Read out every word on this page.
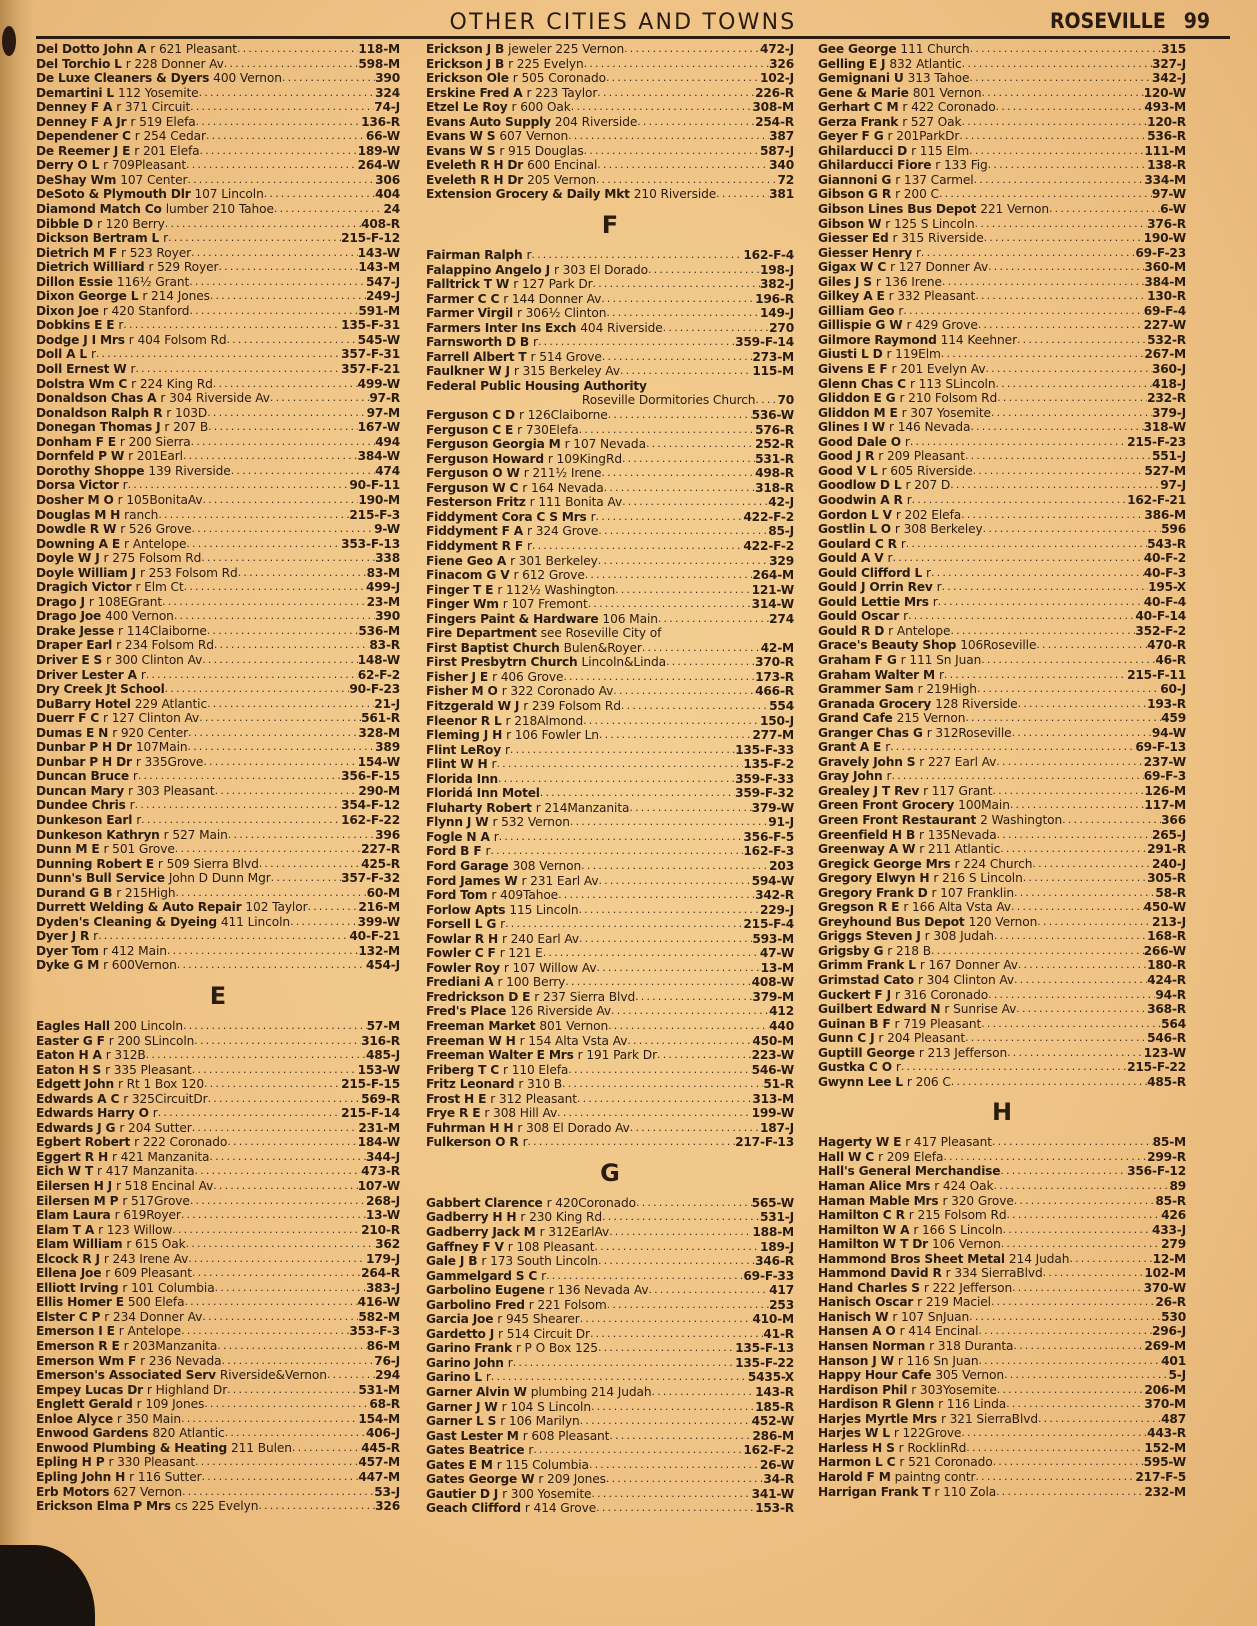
OTHER CITIES AND TOWNS	ROSEVILLE 99
Del Dotto John A r 621 Pleasant .....	118-M
Del Torchio L r 228 Donner Av .....	598-M
De Luxe Cleaners & Dyers 400 Vernon .....	390
Demartini L 112 Yosemite .....	324
Denney F A r 371 Circuit .....	74-J
Denney F A Jr r 519 Elefa .....	136-R
Dependener C r 254 Cedar .....	66-W
De Reemer J E r 201 Elefa .....	189-W
Derry O L r 709Pleasant .....	264-W
DeShay Wm 107 Center .....	306
DeSoto & Plymouth Dlr 107 Lincoln .....	404
Diamond Match Co lumber 210 Tahoe .....	24
Dibble D r 120 Berry .....	408-R
Dickson Bertram L r .....	215-F-12
Dietrich M F r 523 Royer .....	143-W
Dietrich Williard r 529 Royer .....	143-M
Dillon Essie 116½ Grant .....	547-J
Dixon George L r 214 Jones .....	249-J
Dixon Joe r 420 Stanford .....	591-M
Dobkins E E r .....	135-F-31
Dodge J I Mrs r 404 Folsom Rd .....	545-W
Doll A L r .....	357-F-31
Doll Ernest W r .....	357-F-21
Dolstra Wm C r 224 King Rd .....	499-W
Donaldson Chas A r 304 Riverside Av .....	97-R
Donaldson Ralph R r 103D .....	97-M
Donegan Thomas J r 207 B .....	167-W
Donham F E r 200 Sierra .....	494
Dornfeld P W r 201Earl .....	384-W
Dorothy Shoppe 139 Riverside .....	474
Dorsa Victor r .....	90-F-11
Dosher M O r 105BonitaAv .....	190-M
Douglas M H ranch .....	215-F-3
Dowdle R W r 526 Grove .....	9-W
Downing A E r Antelope .....	353-F-13
Doyle W J r 275 Folsom Rd .....	338
Doyle William J r 253 Folsom Rd .....	83-M
Dragich Victor r Elm Ct .....	499-J
Drago J r 108EGrant .....	23-M
Drago Joe 400 Vernon .....	390
Drake Jesse r 114Claiborne .....	536-M
Draper Earl r 234 Folsom Rd .....	83-R
Driver E S r 300 Clinton Av .....	148-W
Driver Lester A r .....	62-F-2
Dry Creek Jt School .....	90-F-23
DuBarry Hotel 229 Atlantic .....	21-J
Duerr F C r 127 Clinton Av .....	561-R
Dumas E N r 920 Center .....	328-M
Dunbar P H Dr 107Main .....	389
Dunbar P H Dr r 335Grove .....	154-W
Duncan Bruce r .....	356-F-15
Duncan Mary r 303 Pleasant .....	290-M
Dundee Chris r .....	354-F-12
Dunkeson Earl r .....	162-F-22
Dunkeson Kathryn r 527 Main .....	396
Dunn M E r 501 Grove .....	227-R
Dunning Robert E r 509 Sierra Blvd .....	425-R
Dunn's Bull Service John D Dunn Mgr .....	357-F-32
Durand G B r 215High .....	60-M
Durrett Welding & Auto Repair 102 Taylor .....	216-M
Dyden's Cleaning & Dyeing 411 Lincoln .....	399-W
Dyer J R r .....	40-F-21
Dyer Tom r 412 Main .....	132-M
Dyke G M r 600Vernon .....	454-J
E
Eagles Hall 200 Lincoln .....	57-M
Easter G F r 200 SLincoln .....	316-R
Eaton H A r 312B .....	485-J
Eaton H S r 335 Pleasant .....	153-W
Edgett John r Rt 1 Box 120 .....	215-F-15
Edwards A C r 325CircuitDr .....	569-R
Edwards Harry O r .....	215-F-14
Edwards J G r 204 Sutter .....	231-M
Egbert Robert r 222 Coronado .....	184-W
Eggert R H r 421 Manzanita .....	344-J
Eich W T r 417 Manzanita .....	473-R
Eilersen H J r 518 Encinal Av .....	107-W
Eilersen M P r 517Grove .....	268-J
Elam Laura r 619Royer .....	13-W
Elam T A r 123 Willow .....	210-R
Elam William r 615 Oak .....	362
Elcock R J r 243 Irene Av .....	179-J
Ellena Joe r 609 Pleasant .....	264-R
Elliott Irving r 101 Columbia .....	383-J
Ellis Homer E 500 Elefa .....	416-W
Elster C P r 234 Donner Av .....	582-M
Emerson I E r Antelope .....	353-F-3
Emerson R E r 203Manzanita .....	86-M
Emerson Wm F r 236 Nevada .....	76-J
Emerson's Associated Serv Riverside&Vernon .....	294
Empey Lucas Dr r Highland Dr .....	531-M
Englett Gerald r 109 Jones .....	68-R
Enloe Alyce r 350 Main .....	154-M
Enwood Gardens 820 Atlantic .....	406-J
Enwood Plumbing & Heating 211 Bulen .....	445-R
Epling H P r 330 Pleasant .....	457-M
Epling John H r 116 Sutter .....	447-M
Erb Motors 627 Vernon .....	53-J
Erickson Elma P Mrs cs 225 Evelyn .....	326
Erickson J B jeweler 225 Vernon .....	472-J
Erickson J B r 225 Evelyn .....	326
Erickson Ole r 505 Coronado .....	102-J
Erskine Fred A r 223 Taylor .....	226-R
Etzel Le Roy r 600 Oak .....	308-M
Evans Auto Supply 204 Riverside .....	254-R
Evans W S 607 Vernon .....	387
Evans W S r 915 Douglas .....	587-J
Eveleth R H Dr 600 Encinal .....	340
Eveleth R H Dr 205 Vernon .....	72
Extension Grocery & Daily Mkt 210 Riverside .....	381
F
Fairman Ralph r .....	162-F-4
Falappino Angelo J r 303 El Dorado .....	198-J
Falltrick T W r 127 Park Dr .....	382-J
Farmer C C r 144 Donner Av .....	196-R
Farmer Virgil r 306½ Clinton .....	149-J
Farmers Inter Ins Exch 404 Riverside .....	270
Farnsworth D B r .....	359-F-14
Farrell Albert T r 514 Grove .....	273-M
Faulkner W J r 315 Berkeley Av .....	115-M
Federal Public Housing Authority
Roseville Dormitories Church ..... 70
Ferguson C D r 126Claiborne .....	536-W
Ferguson C E r 730Elefa .....	576-R
Ferguson Georgia M r 107 Nevada .....	252-R
Ferguson Howard r 109KingRd .....	531-R
Ferguson O W r 211½ Irene .....	498-R
Ferguson W C r 164 Nevada .....	318-R
Festerson Fritz r 111 Bonita Av .....	42-J
Fiddyment Cora C S Mrs r .....	422-F-2
Fiddyment F A r 324 Grove .....	85-J
Fiddyment R F r .....	422-F-2
Fiene Geo A r 301 Berkeley .....	329
Finacom G V r 612 Grove .....	264-M
Finger T E r 112½ Washington .....	121-W
Finger Wm r 107 Fremont .....	314-W
Fingers Paint & Hardware 106 Main .....	274
Fire Department see Roseville City of
First Baptist Church Bulen&Royer .....	42-M
First Presbytrn Church Lincoln&Linda .....	370-R
Fisher J E r 406 Grove .....	173-R
Fisher M O r 322 Coronado Av .....	466-R
Fitzgerald W J r 239 Folsom Rd .....	554
Fleenor R L r 218Almond .....	150-J
Fleming J H r 106 Fowler Ln .....	277-M
Flint LeRoy r .....	135-F-33
Flint W H r .....	135-F-2
Florida Inn .....	359-F-33
Floridá Inn Motel .....	359-F-32
Fluharty Robert r 214Manzanita .....	379-W
Flynn J W r 532 Vernon .....	91-J
Fogle N A r .....	356-F-5
Ford B F r .....	162-F-3
Ford Garage 308 Vernon .....	203
Ford James W r 231 Earl Av .....	594-W
Ford Tom r 409Tahoe .....	342-R
Forlow Apts 115 Lincoln .....	229-J
Forsell L G r .....	215-F-4
Fowlar R H r 240 Earl Av .....	593-M
Fowler C F r 121 E .....	47-W
Fowler Roy r 107 Willow Av .....	13-M
Frediani A r 100 Berry .....	408-W
Fredrickson D E r 237 Sierra Blvd .....	379-M
Fred's Place 126 Riverside Av .....	412
Freeman Market 801 Vernon .....	440
Freeman W H r 154 Alta Vsta Av .....	450-M
Freeman Walter E Mrs r 191 Park Dr .....	223-W
Friberg T C r 110 Elefa .....	546-W
Fritz Leonard r 310 B .....	51-R
Frost H E r 312 Pleasant .....	313-M
Frye R E r 308 Hill Av .....	199-W
Fuhrman H H r 308 El Dorado Av .....	187-J
Fulkerson O R r .....	217-F-13
G
Gabbert Clarence r 420Coronado .....	565-W
Gadberry H H r 230 King Rd .....	531-J
Gadberry Jack M r 312EarlAv .....	188-M
Gaffney F V r 108 Pleasant .....	189-J
Gale J B r 173 South Lincoln .....	346-R
Gammelgard S C r .....	69-F-33
Garbolino Eugene r 136 Nevada Av .....	417
Garbolino Fred r 221 Folsom .....	253
Garcia Joe r 945 Shearer .....	410-M
Gardetto J r 514 Circuit Dr .....	41-R
Garino Frank r P O Box 125 .....	135-F-13
Garino John r .....	135-F-22
Garino L r .....	5435-X
Garner Alvin W plumbing 214 Judah .....	143-R
Garner J W r 104 S Lincoln .....	185-R
Garner L S r 106 Marilyn .....	452-W
Gast Lester M r 608 Pleasant .....	286-M
Gates Beatrice r .....	162-F-2
Gates E M r 115 Columbia .....	26-W
Gates George W r 209 Jones .....	34-R
Gautier D J r 300 Yosemite .....	341-W
Geach Clifford r 414 Grove .....	153-R
Gee George 111 Church .....	315
Gelling E J 832 Atlantic .....	327-J
Gemignani U 313 Tahoe .....	342-J
Gene & Marie 801 Vernon .....	120-W
Gerhart C M r 422 Coronado .....	493-M
Gerza Frank r 527 Oak .....	120-R
Geyer F G r 201ParkDr .....	536-R
Ghilarducci D r 115 Elm .....	111-M
Ghilarducci Fiore r 133 Fig .....	138-R
Giannoni G r 137 Carmel .....	334-M
Gibson G R r 200 C .....	97-W
Gibson Lines Bus Depot 221 Vernon .....	6-W
Gibson W r 125 S Lincoln .....	376-R
Giesser Ed r 315 Riverside .....	190-W
Giesser Henry r .....	69-F-23
Gigax W C r 127 Donner Av .....	360-M
Giles J S r 136 Irene .....	384-M
Gilkey A E r 332 Pleasant .....	130-R
Gilliam Geo r .....	69-F-4
Gillispie G W r 429 Grove .....	227-W
Gilmore Raymond 114 Keehner .....	532-R
Giusti L D r 119Elm .....	267-M
Givens E F r 201 Evelyn Av .....	360-J
Glenn Chas C r 113 SLincoln .....	418-J
Gliddon E G r 210 Folsom Rd .....	232-R
Gliddon M E r 307 Yosemite .....	379-J
Glines I W r 146 Nevada .....	318-W
Good Dale O r .....	215-F-23
Good J R r 209 Pleasant .....	551-J
Good V L r 605 Riverside .....	527-M
Goodlow D L r 207 D .....	97-J
Goodwin A R r .....	162-F-21
Gordon L V r 202 Elefa .....	386-M
Gostlin L O r 308 Berkeley .....	596
Goulard C R r .....	543-R
Gould A V r .....	40-F-2
Gould Clifford L r .....	40-F-3
Gould J Orrin Rev r .....	195-X
Gould Lettie Mrs r .....	40-F-4
Gould Oscar r .....	40-F-14
Gould R D r Antelope .....	352-F-2
Grace's Beauty Shop 106Roseville .....	470-R
Graham F G r 111 Sn Juan .....	46-R
Graham Walter M r .....	215-F-11
Grammer Sam r 219High .....	60-J
Granada Grocery 128 Riverside .....	193-R
Grand Cafe 215 Vernon .....	459
Granger Chas G r 312Roseville .....	94-W
Grant A E r .....	69-F-13
Gravely John S r 227 Earl Av .....	237-W
Gray John r .....	69-F-3
Grealey J T Rev r 117 Grant .....	126-M
Green Front Grocery 100Main .....	117-M
Green Front Restaurant 2 Washington .....	366
Greenfield H B r 135Nevada .....	265-J
Greenway A W r 211 Atlantic .....	291-R
Gregick George Mrs r 224 Church .....	240-J
Gregory Elwyn H r 216 S Lincoln .....	305-R
Gregory Frank D r 107 Franklin .....	58-R
Gregson R E r 166 Alta Vsta Av .....	450-W
Greyhound Bus Depot 120 Vernon .....	213-J
Griggs Steven J r 308 Judah .....	168-R
Grigsby G r 218 B .....	266-W
Grimm Frank L r 167 Donner Av .....	180-R
Grimstad Cato r 304 Clinton Av .....	424-R
Guckert F J r 316 Coronado .....	94-R
Guilbert Edward N r Sunrise Av .....	368-R
Guinan B F r 719 Pleasant .....	564
Gunn C J r 204 Pleasant .....	546-R
Guptill George r 213 Jefferson .....	123-W
Gustka C O r .....	215-F-22
Gwynn Lee L r 206 C .....	485-R
H
Hagerty W E r 417 Pleasant .....	85-M
Hall W C r 209 Elefa .....	299-R
Hall's General Merchandise .....	356-F-12
Haman Alice Mrs r 424 Oak .....	89
Haman Mable Mrs r 320 Grove .....	85-R
Hamilton C R r 215 Folsom Rd .....	426
Hamilton W A r 166 S Lincoln .....	433-J
Hamilton W T Dr 106 Vernon .....	279
Hammond Bros Sheet Metal 214 Judah .....	12-M
Hammond David R r 334 SierraBlvd .....	102-M
Hand Charles S r 222 Jefferson .....	370-W
Hanisch Oscar r 219 Maciel .....	26-R
Hanisch W r 107 SnJuan .....	530
Hansen A O r 414 Encinal .....	296-J
Hansen Norman r 318 Duranta .....	269-M
Hanson J W r 116 Sn Juan .....	401
Happy Hour Cafe 305 Vernon .....	5-J
Hardison Phil r 303Yosemite .....	206-M
Hardison R Glenn r 116 Linda .....	370-M
Harjes Myrtle Mrs r 321 SierraBlvd .....	487
Harjes W L r 122Grove .....	443-R
Harless H S r RocklinRd .....	152-M
Harmon L C r 521 Coronado .....	595-W
Harold F M paintng contr .....	217-F-5
Harrigan Frank T r 110 Zola .....	232-M
